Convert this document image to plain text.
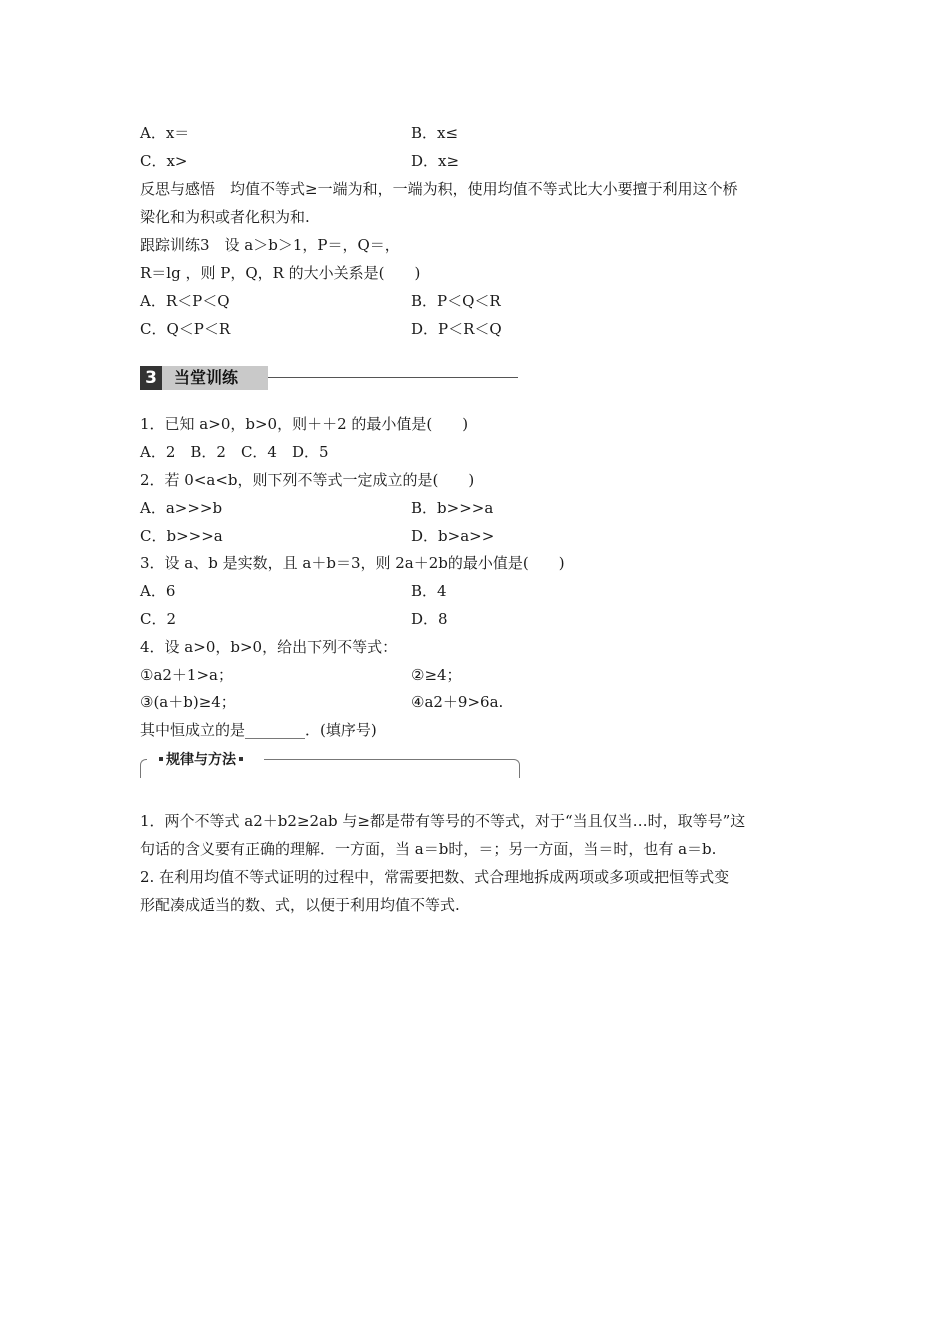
A．x＝	B．x≤
C．x>	D．x≥
反思与感悟　均值不等式≥一端为和，一端为积，使用均值不等式比大小要擅于利用这个桥
梁化和为积或者化积为和.
跟踪训练3　设 a＞b＞1，P＝，Q＝，
R＝lg ，则 P，Q，R 的大小关系是(　　)
A．R＜P＜Q	B．P＜Q＜R
C．Q＜P＜R	D．P＜R＜Q
3	当堂训练
1．已知 a>0，b>0，则＋＋2 的最小值是(　　)
A．2　B．2　C．4　D．5
2．若 0<a<b，则下列不等式一定成立的是(　　)
A．a>>>b	B．b>>>a
C．b>>>a	D．b>a>>
3．设 a、b 是实数，且 a＋b＝3，则 2a＋2b的最小值是(　　)
A．6	B．4
C．2	D．8
4．设 a>0，b>0，给出下列不等式：
①a2＋1>a；	②≥4；
③(a＋b)≥4；	④a2＋9>6a.
其中恒成立的是________．(填序号)
规律与方法
1．两个不等式 a2＋b2≥2ab 与≥都是带有等号的不等式，对于“当且仅当…时，取等号”这
句话的含义要有正确的理解．一方面，当 a＝b时，＝；另一方面，当＝时，也有 a＝b.
2. 在利用均值不等式证明的过程中，常需要把数、式合理地拆成两项或多项或把恒等式变
形配凑成适当的数、式，以便于利用均值不等式.
